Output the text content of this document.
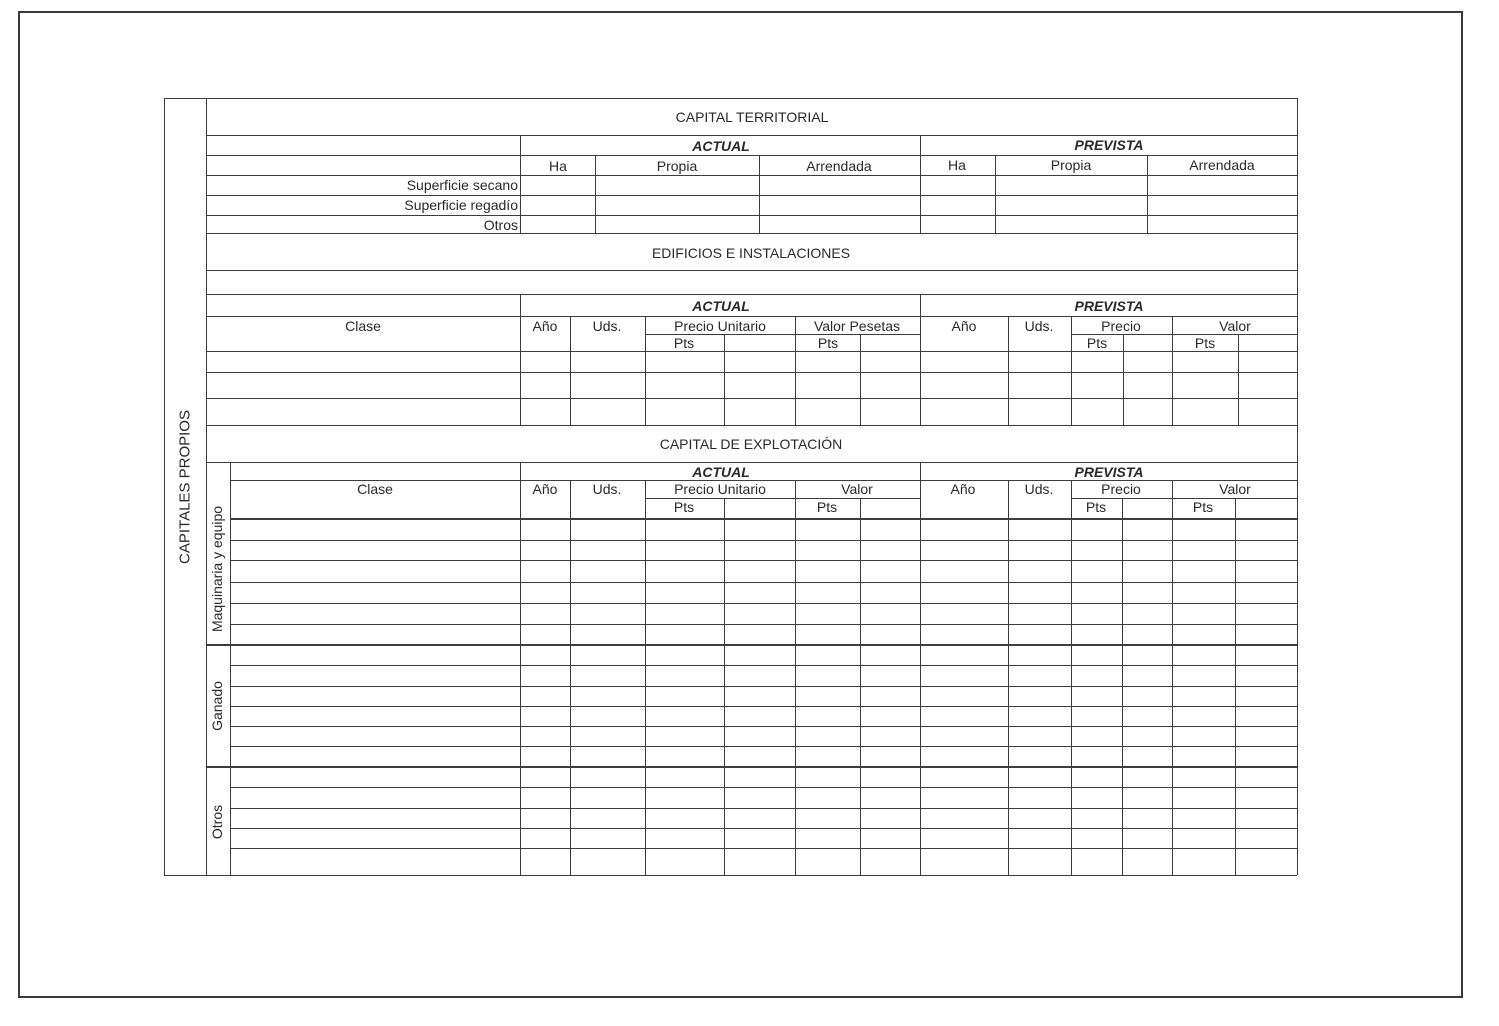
CAPITALES PROPIOS
CAPITAL TERRITORIAL
ACTUAL	PREVISTA
Ha	Propia	Arrendada	Ha	Propia	Arrendada
Superficie secano
Superficie regadío
Otros
EDIFICIOS E INSTALACIONES
ACTUAL	PREVISTA
Clase	Año	Uds.	Precio Unitario	Valor Pesetas	Año	Uds.	Precio	Valor
Pts	Pts	Pts	Pts
CAPITAL DE EXPLOTACIÓN
ACTUAL	PREVISTA
Clase	Año	Uds.	Precio Unitario	Valor	Año	Uds.	Precio	Valor
Pts	Pts	Pts	Pts
Maquinaria y equipo
Ganado
Otros
